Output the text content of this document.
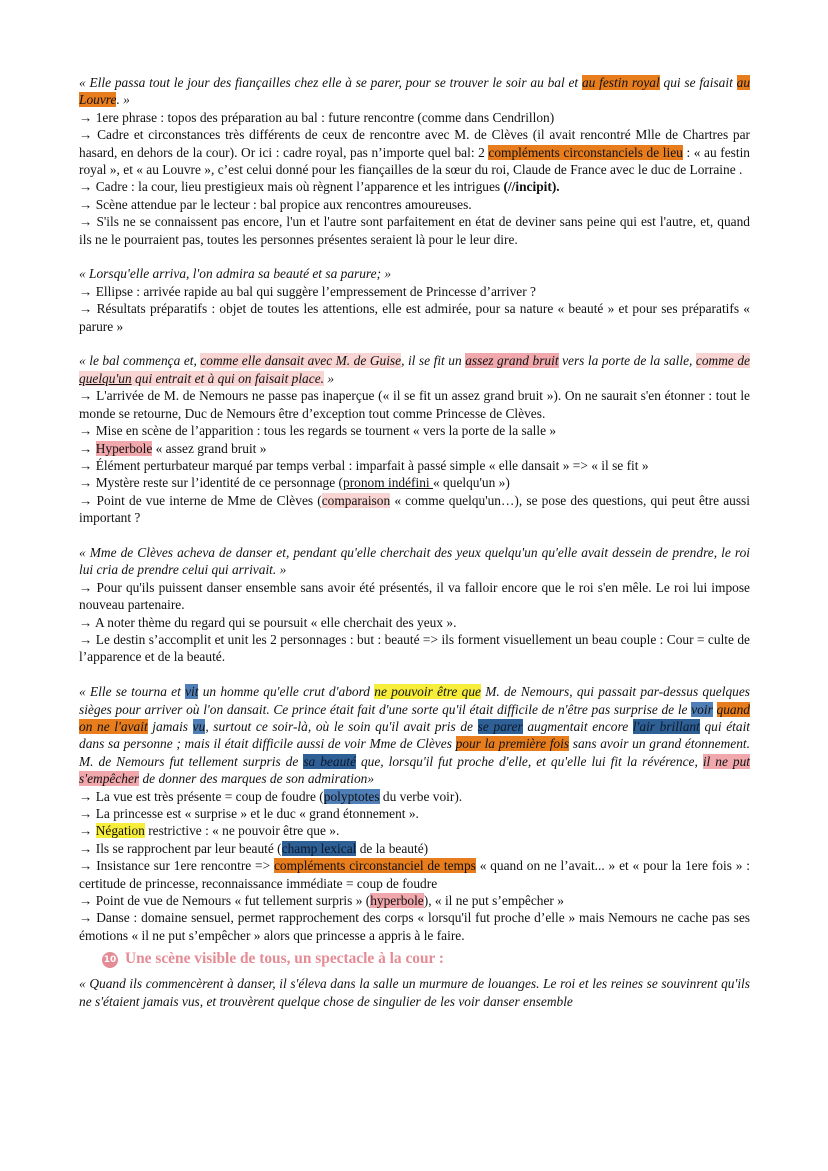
« Elle passa tout le jour des fiançailles chez elle à se parer, pour se trouver le soir au bal et au festin royal qui se faisait au Louvre. »

→ 1ere phrase : topos des préparation au bal : future rencontre (comme dans Cendrillon)

→ Cadre et circonstances très différents de ceux de rencontre avec M. de Clèves (il avait rencontré Mlle de Chartres par hasard, en dehors de la cour). Or ici : cadre royal, pas n’importe quel bal: 2 compléments circonstanciels de lieu : « au festin royal », et « au Louvre », c’est celui donné pour les fiançailles de la sœur du roi, Claude de France avec le duc de Lorraine .

→ Cadre : la cour, lieu prestigieux mais où règnent l’apparence et les intrigues (//incipit).

→ Scène attendue par le lecteur : bal propice aux rencontres amoureuses.

→ S'ils ne se connaissent pas encore, l'un et l'autre sont parfaitement en état de deviner sans peine qui est l'autre, et, quand ils ne le pourraient pas, toutes les personnes présentes seraient là pour le leur dire.

« Lorsqu'elle arriva, l'on admira sa beauté et sa parure; »

→ Ellipse : arrivée rapide au bal qui suggère l’empressement de Princesse d’arriver ?

→ Résultats préparatifs : objet de toutes les attentions, elle est admirée, pour sa nature « beauté » et pour ses préparatifs « parure »

« le bal commença et, comme elle dansait avec M. de Guise, il se fit un assez grand bruit vers la porte de la salle, comme de quelqu'un qui entrait et à qui on faisait place. »

→ L'arrivée de M. de Nemours ne passe pas inaperçue (« il se fit un assez grand bruit »). On ne saurait s'en étonner : tout le monde se retourne, Duc de Nemours être d’exception tout comme Princesse de Clèves.

→ Mise en scène de l’apparition : tous les regards se tournent « vers la porte de la salle »

→ Hyperbole « assez grand bruit »

→ Élément perturbateur marqué par temps verbal : imparfait à passé simple « elle dansait » => « il se fit »

→ Mystère reste sur l’identité de ce personnage (pronom indéfini « quelqu'un »)

→ Point de vue interne de Mme de Clèves (comparaison « comme quelqu'un…), se pose des questions, qui peut être aussi important ?

« Mme de Clèves acheva de danser et, pendant qu'elle cherchait des yeux quelqu'un qu'elle avait dessein de prendre, le roi lui cria de prendre celui qui arrivait. »

→ Pour qu'ils puissent danser ensemble sans avoir été présentés, il va falloir encore que le roi s'en mêle. Le roi lui impose nouveau partenaire.

→ A noter thème du regard qui se poursuit « elle cherchait des yeux ».

→ Le destin s’accomplit et unit les 2 personnages : but : beauté => ils forment visuellement un beau couple : Cour = culte de l’apparence et de la beauté.

« Elle se tourna et vit un homme qu'elle crut d'abord ne pouvoir être que M. de Nemours, qui passait par-dessus quelques sièges pour arriver où l'on dansait. Ce prince était fait d'une sorte qu'il était difficile de n'être pas surprise de le voir quand on ne l'avait jamais vu, surtout ce soir-là, où le soin qu'il avait pris de se parer augmentait encore l'air brillant qui était dans sa personne ; mais il était difficile aussi de voir Mme de Clèves pour la première fois sans avoir un grand étonnement. M. de Nemours fut tellement surpris de sa beauté que, lorsqu'il fut proche d'elle, et qu'elle lui fit la révérence, il ne put s'empêcher de donner des marques de son admiration»

→ La vue est très présente = coup de foudre (polyptotes du verbe voir).

→ La princesse est « surprise » et le duc « grand étonnement ».

→ Négation restrictive : « ne pouvoir être que ».

→ Ils se rapprochent par leur beauté (champ lexical de la beauté)

→ Insistance sur 1ere rencontre => compléments circonstanciel de temps « quand on ne l’avait... » et « pour la 1ere fois » : certitude de princesse, reconnaissance immédiate = coup de foudre

→ Point de vue de Nemours « fut tellement surpris » (hyperbole), « il ne put s’empêcher »

→ Danse : domaine sensuel, permet rapprochement des corps « lorsqu'il fut proche d’elle » mais Nemours ne cache pas ses émotions « il ne put s’empêcher » alors que princesse a appris à le faire.

10 Une scène visible de tous, un spectacle à la cour :

« Quand ils commencèrent à danser, il s'éleva dans la salle un murmure de louanges. Le roi et les reines se souvinrent qu'ils ne s'étaient jamais vus, et trouvèrent quelque chose de singulier de les voir danser ensemble
